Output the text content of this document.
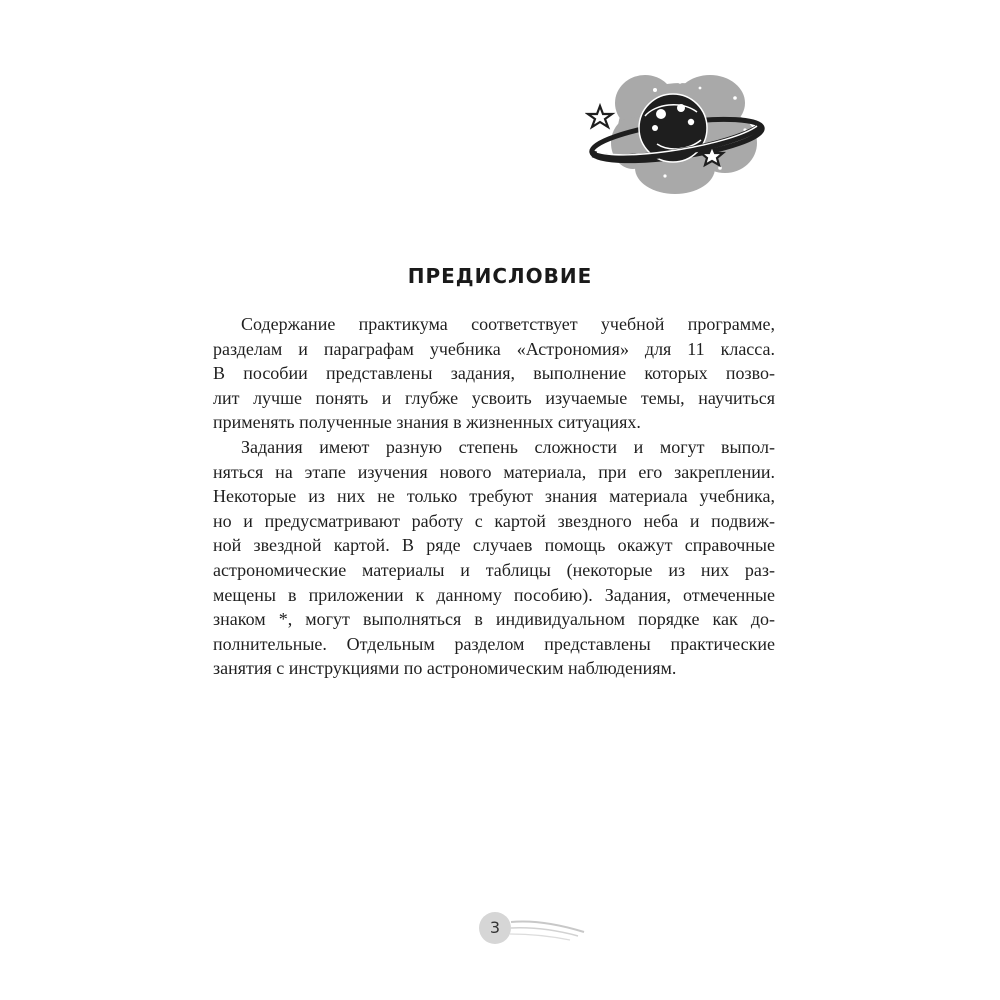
ПРЕДИСЛОВИЕ
Содержание практикума соответствует учебной программе,
разделам и параграфам учебника «Астрономия» для 11 класса.
В пособии представлены задания, выполнение которых позво-
лит лучше понять и глубже усвоить изучаемые темы, научиться
применять полученные знания в жизненных ситуациях.
Задания имеют разную степень сложности и могут выпол-
няться на этапе изучения нового материала, при его закреплении.
Некоторые из них не только требуют знания материала учебника,
но и предусматривают работу с картой звездного неба и подвиж-
ной звездной картой. В ряде случаев помощь окажут справочные
астрономические материалы и таблицы (некоторые из них раз-
мещены в приложении к данному пособию). Задания, отмеченные
знаком *, могут выполняться в индивидуальном порядке как до-
полнительные. Отдельным разделом представлены практические
занятия с инструкциями по астрономическим наблюдениям.
3
